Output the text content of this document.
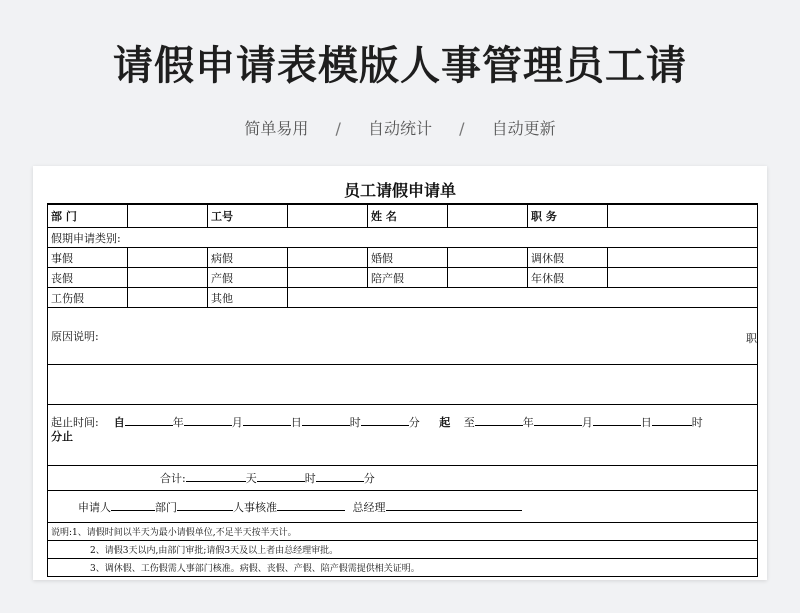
请假申请表模版人事管理员工请
简单易用 / 自动统计 / 自动更新
员工请假申请单
部 门		工号		姓 名		职 务	
假期申请类别:							
事假		病假		婚假		调休假	
丧假		产假		陪产假		年休假	
工伤假		其他					
原因说明: 职							

起止时间: 自 年 月 日 时 分 起 至 年 月 日 时
分止							
合计: 天 时 分							
申请人 部门 人事核准 总经理							
说明:1、请假时间以半天为最小请假单位,不足半天按半天计。							
2、请假3天以内,由部门审批;请假3天及以上者由总经理审批。							
3、调休假、工伤假需人事部门核准。病假、丧假、产假、陪产假需提供相关证明。							
